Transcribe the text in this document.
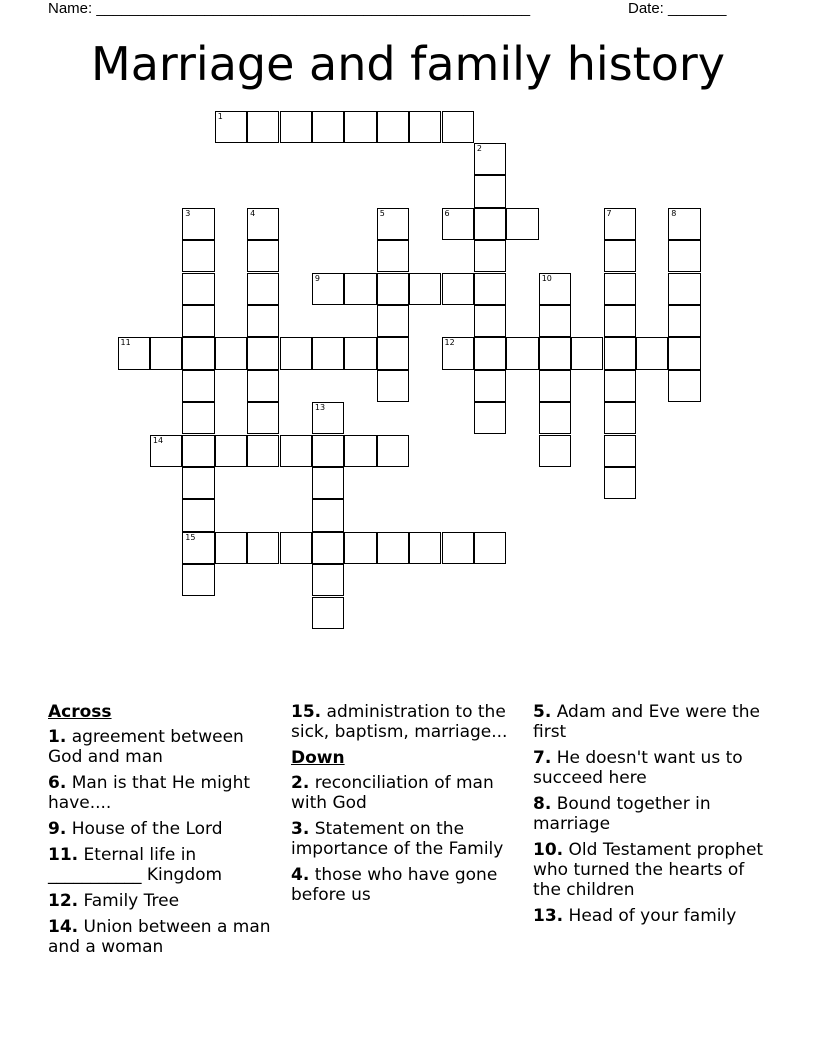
Name: ____________________________________________________	Date: _______
Marriage and family history
1
2
3
15
4	5	6	7	8
9	10
11	12
13
14
Across
1. agreement between God and man
6. Man is that He might have....
9. House of the Lord
11. Eternal life in ___________ Kingdom
12. Family Tree
14. Union between a man and a woman
15. administration to the sick, baptism, marriage...
Down
2. reconciliation of man with God
3. Statement on the importance of the Family
4. those who have gone before us
5. Adam and Eve were the first
7. He doesn't want us to succeed here
8. Bound together in marriage
10. Old Testament prophet who turned the hearts of the children
13. Head of your family
